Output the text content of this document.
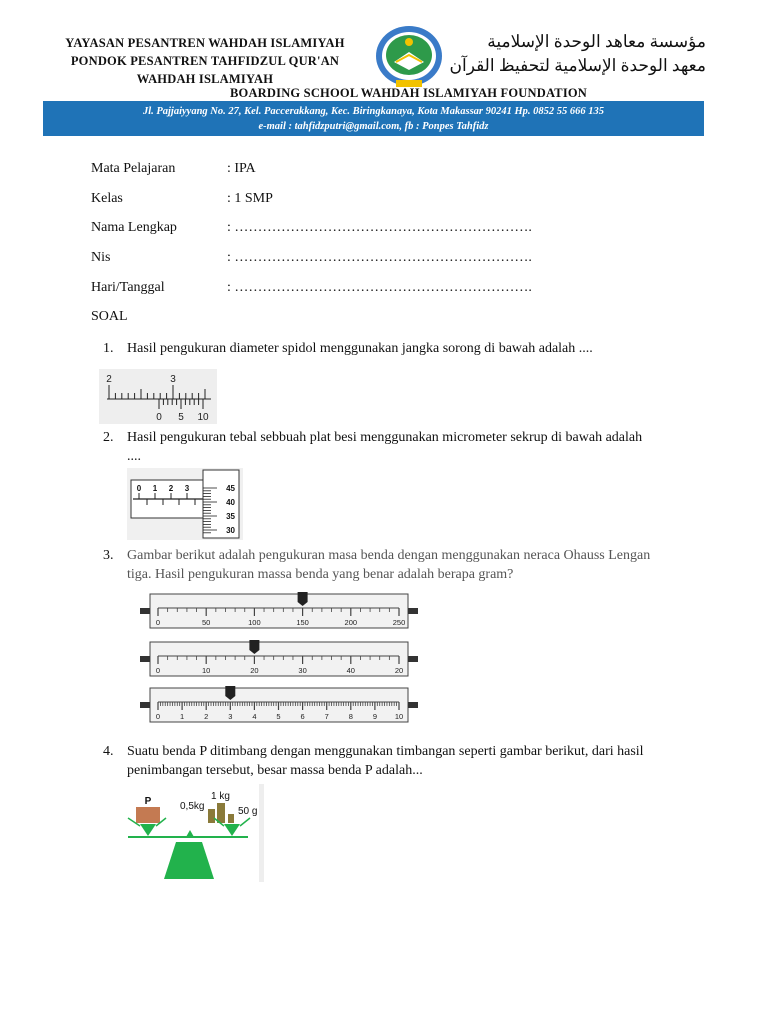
YAYASAN PESANTREN WAHDAH ISLAMIYAH
PONDOK PESANTREN TAHFIDZUL QUR'AN
WAHDAH ISLAMIYAH
مؤسسة معاهد الوحدة الإسلامية
معهد الوحدة الإسلامية لتحفيظ القرآن
BOARDING SCHOOL WAHDAH ISLAMIYAH FOUNDATION
Jl. Pajjaiyyang No. 27, Kel. Paccerakkang, Kec. Biringkanaya, Kota Makassar 90241 Hp. 0852 55 666 135
e-mail : tahfidzputri@gmail.com, fb : Ponpes Tahfidz
Mata Pelajaran	: IPA
Kelas	: 1 SMP
Nama Lengkap	: ……………………………………………………….
Nis	: ……………………………………………………….
Hari/Tanggal	: ……………………………………………………….
SOAL
1. Hasil pengukuran diameter spidol menggunakan jangka sorong di bawah adalah ....
2	3
0 5 10
2. Hasil pengukuran tebal sebbuah plat besi menggunakan micrometer sekrup di bawah adalah ....
0 1 2 3	45
40
35
30
3. Gambar berikut adalah pengukuran masa benda dengan menggunakan neraca Ohauss Lengan tiga. Hasil pengukuran massa benda yang benar adalah berapa gram?
0	50	100	150	200	250
0	10	20	30	40	20
0	1	2	3	4	5	6	7	8	9 10
4. Suatu benda P ditimbang dengan menggunakan timbangan seperti gambar berikut, dari hasil penimbangan tersebut, besar massa benda P adalah...
P	0,5kg
1 kg
50 g
